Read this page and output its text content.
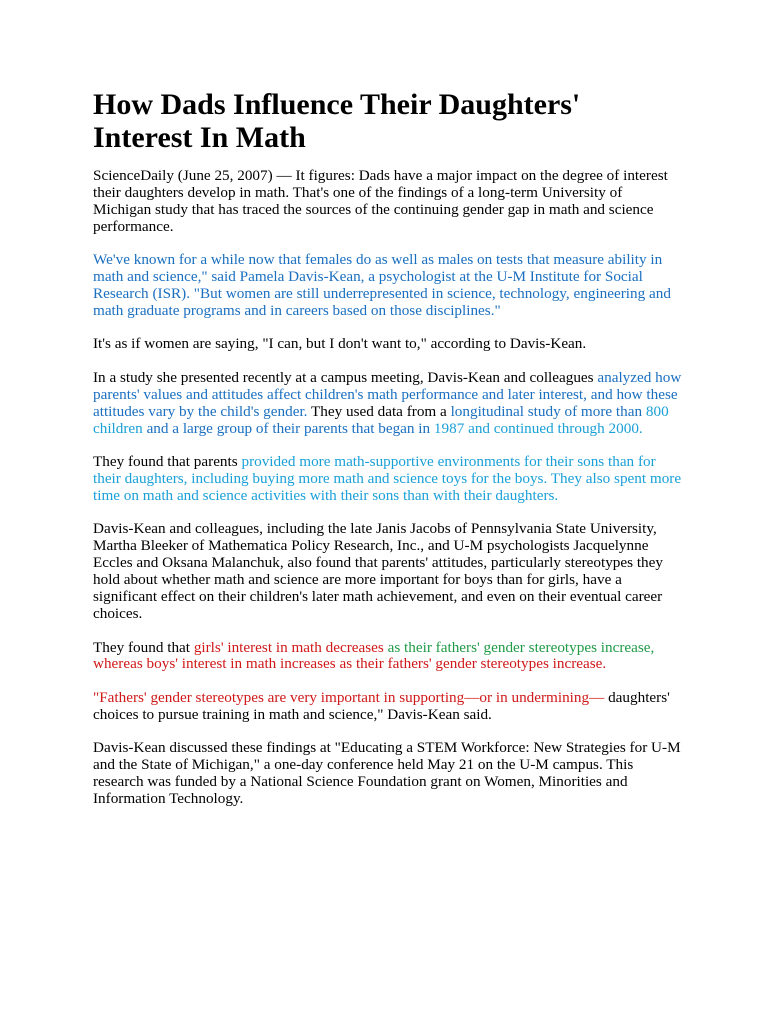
How Dads Influence Their Daughters' Interest In Math

ScienceDaily (June 25, 2007) — It figures: Dads have a major impact on the degree of interest their daughters develop in math. That's one of the findings of a long-term University of Michigan study that has traced the sources of the continuing gender gap in math and science performance.

We've known for a while now that females do as well as males on tests that measure ability in math and science," said Pamela Davis-Kean, a psychologist at the U-M Institute for Social Research (ISR). "But women are still underrepresented in science, technology, engineering and math graduate programs and in careers based on those disciplines."

It's as if women are saying, "I can, but I don't want to," according to Davis-Kean.

In a study she presented recently at a campus meeting, Davis-Kean and colleagues analyzed how parents' values and attitudes affect children's math performance and later interest, and how these attitudes vary by the child's gender. They used data from a longitudinal study of more than 800 children and a large group of their parents that began in 1987 and continued through 2000.

They found that parents provided more math-supportive environments for their sons than for their daughters, including buying more math and science toys for the boys. They also spent more time on math and science activities with their sons than with their daughters.

Davis-Kean and colleagues, including the late Janis Jacobs of Pennsylvania State University, Martha Bleeker of Mathematica Policy Research, Inc., and U-M psychologists Jacquelynne Eccles and Oksana Malanchuk, also found that parents' attitudes, particularly stereotypes they hold about whether math and science are more important for boys than for girls, have a significant effect on their children's later math achievement, and even on their eventual career choices.

They found that girls' interest in math decreases as their fathers' gender stereotypes increase, whereas boys' interest in math increases as their fathers' gender stereotypes increase.

"Fathers' gender stereotypes are very important in supporting—or in undermining— daughters' choices to pursue training in math and science," Davis-Kean said.

Davis-Kean discussed these findings at "Educating a STEM Workforce: New Strategies for U-M and the State of Michigan," a one-day conference held May 21 on the U-M campus. This research was funded by a National Science Foundation grant on Women, Minorities and Information Technology.
